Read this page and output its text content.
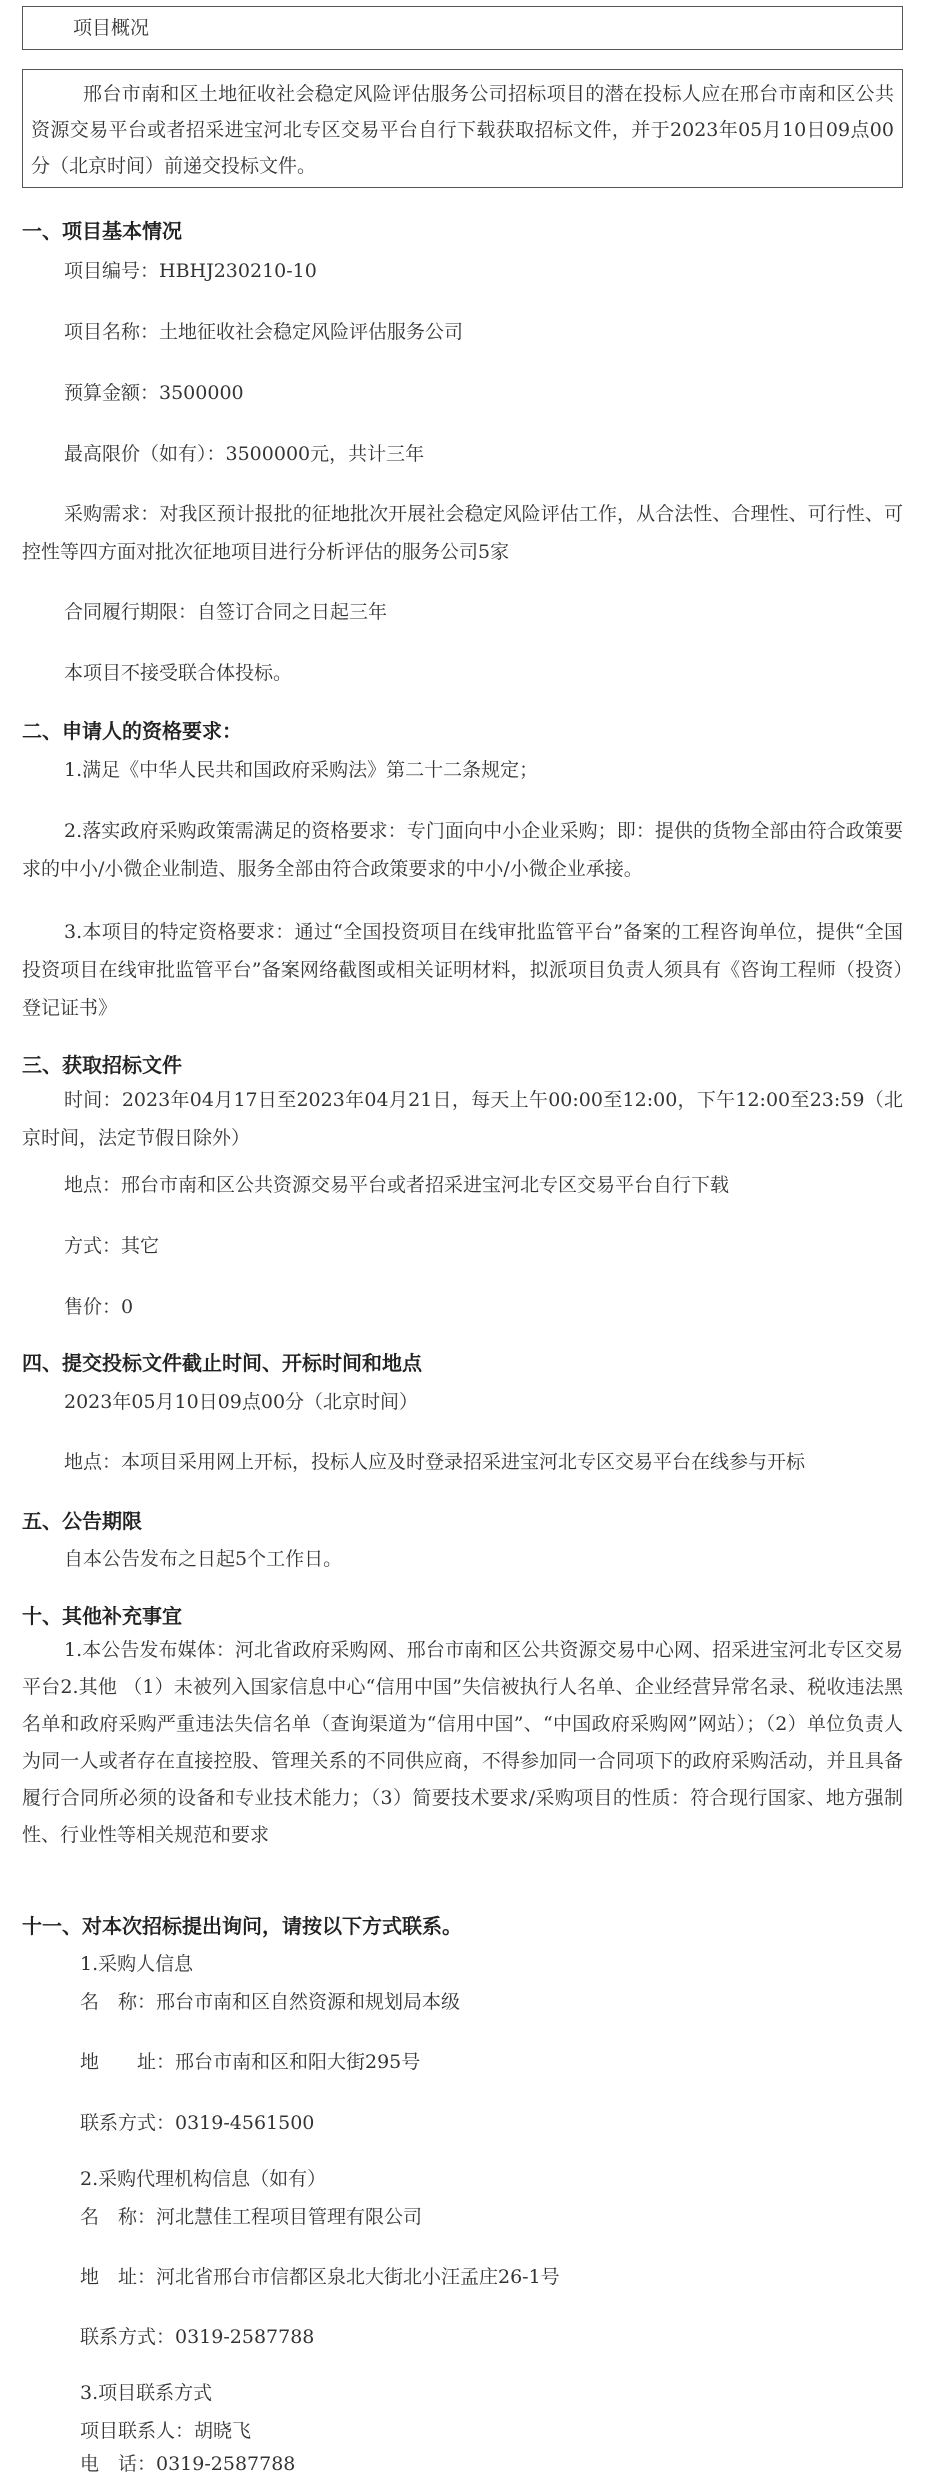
项目概况
邢台市南和区土地征收社会稳定风险评估服务公司招标项目的潜在投标人应在邢台市南和区公共资源交易平台或者招采进宝河北专区交易平台自行下载获取招标文件，并于2023年05月10日09点00分（北京时间）前递交投标文件。
一、项目基本情况
项目编号：HBHJ230210-10
项目名称：土地征收社会稳定风险评估服务公司
预算金额：3500000
最高限价（如有）：3500000元，共计三年
采购需求：对我区预计报批的征地批次开展社会稳定风险评估工作，从合法性、合理性、可行性、可控性等四方面对批次征地项目进行分析评估的服务公司5家
合同履行期限：自签订合同之日起三年
本项目不接受联合体投标。
二、申请人的资格要求：
1.满足《中华人民共和国政府采购法》第二十二条规定；
2.落实政府采购政策需满足的资格要求：专门面向中小企业采购；即：提供的货物全部由符合政策要求的中小/小微企业制造、服务全部由符合政策要求的中小/小微企业承接。
3.本项目的特定资格要求：通过“全国投资项目在线审批监管平台”备案的工程咨询单位，提供“全国投资项目在线审批监管平台”备案网络截图或相关证明材料，拟派项目负责人须具有《咨询工程师（投资）登记证书》
三、获取招标文件
时间：2023年04月17日至2023年04月21日，每天上午00:00至12:00，下午12:00至23:59（北京时间，法定节假日除外）
地点：邢台市南和区公共资源交易平台或者招采进宝河北专区交易平台自行下载
方式：其它
售价：0
四、提交投标文件截止时间、开标时间和地点
2023年05月10日09点00分（北京时间）
地点：本项目采用网上开标，投标人应及时登录招采进宝河北专区交易平台在线参与开标
五、公告期限
自本公告发布之日起5个工作日。
十、其他补充事宜
1.本公告发布媒体：河北省政府采购网、邢台市南和区公共资源交易中心网、招采进宝河北专区交易平台2.其他 （1）未被列入国家信息中心“信用中国”失信被执行人名单、企业经营异常名录、税收违法黑名单和政府采购严重违法失信名单（查询渠道为“信用中国”、“中国政府采购网”网站）；（2）单位负责人为同一人或者存在直接控股、管理关系的不同供应商，不得参加同一合同项下的政府采购活动，并且具备履行合同所必须的设备和专业技术能力；（3）简要技术要求/采购项目的性质：符合现行国家、地方强制性、行业性等相关规范和要求
十一、对本次招标提出询问，请按以下方式联系。
1.采购人信息
名　称：邢台市南和区自然资源和规划局本级
地　　址：邢台市南和区和阳大街295号
联系方式：0319-4561500
2.采购代理机构信息（如有）
名　称：河北慧佳工程项目管理有限公司
地　址：河北省邢台市信都区泉北大街北小汪孟庄26-1号
联系方式：0319-2587788
3.项目联系方式
项目联系人：胡晓飞
电　话：0319-2587788
